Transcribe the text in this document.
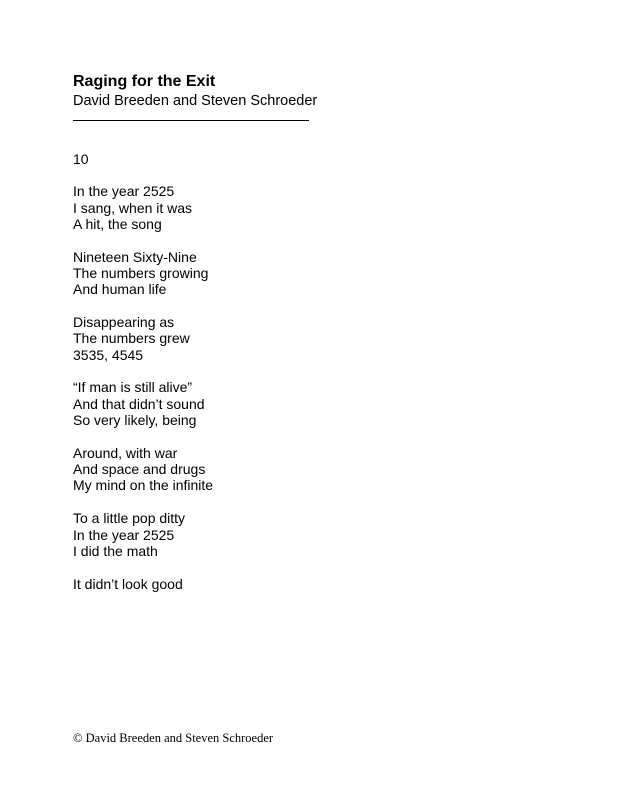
Raging for the Exit
David Breeden and Steven Schroeder
10
In the year 2525
I sang, when it was
A hit, the song
Nineteen Sixty-Nine
The numbers growing
And human life
Disappearing as
The numbers grew
3535, 4545
“If man is still alive”
And that didn’t sound
So very likely, being
Around, with war
And space and drugs
My mind on the infinite
To a little pop ditty
In the year 2525
I did the math
It didn’t look good
© David Breeden and Steven Schroeder
